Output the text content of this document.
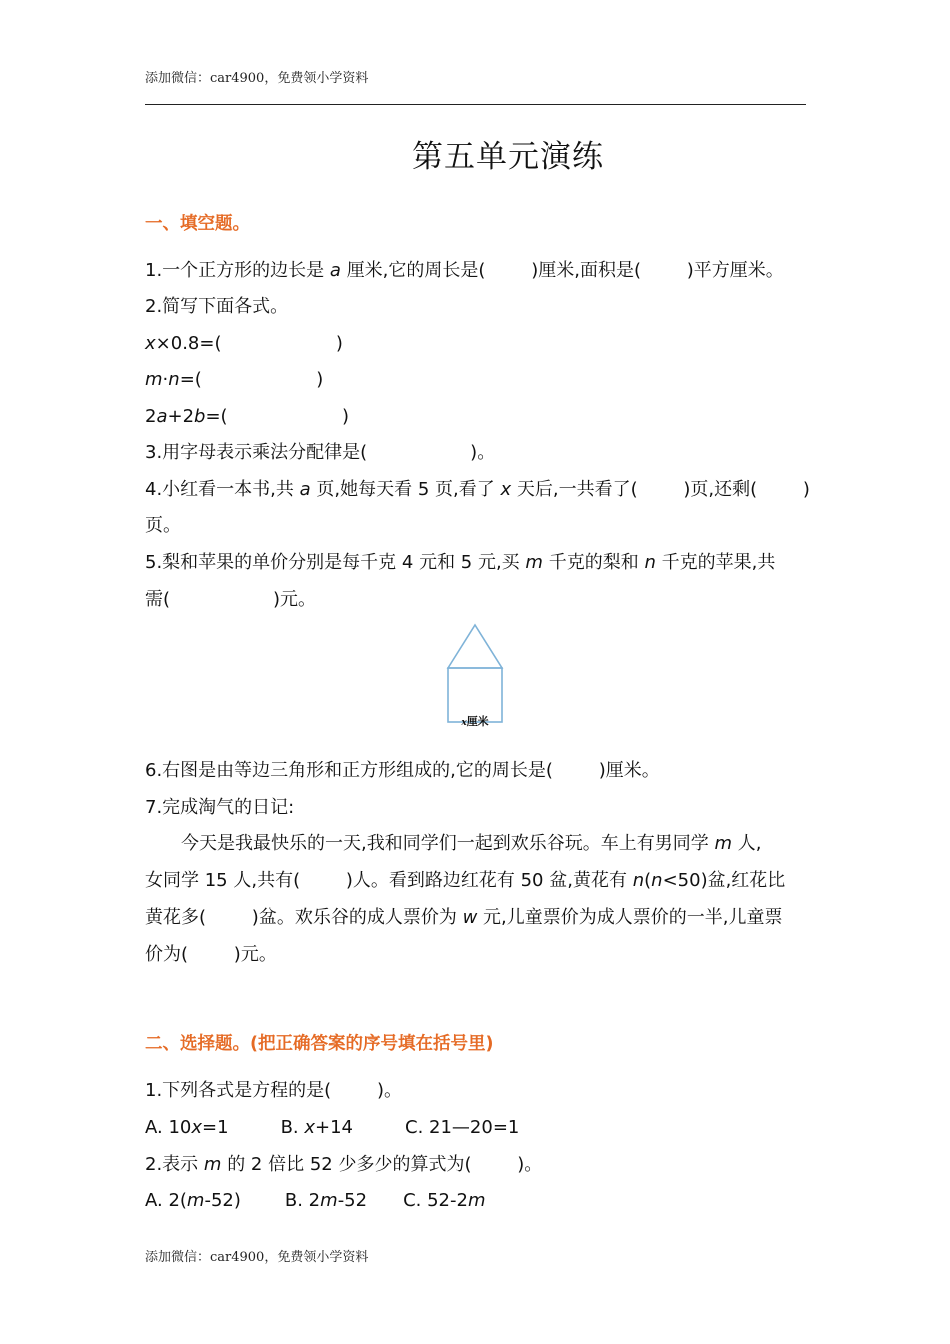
添加微信：car4900，免费领小学资料
第五单元演练
一、填空题。
1.一个正方形的边长是 a 厘米,它的周长是(        )厘米,面积是(        )平方厘米。
2.简写下面各式。
x×0.8=(                    )
m·n=(                    )
2a+2b=(                    )
3.用字母表示乘法分配律是(                  )。
4.小红看一本书,共 a 页,她每天看 5 页,看了 x 天后,一共看了(        )页,还剩(        )
页。
5.梨和苹果的单价分别是每千克 4 元和 5 元,买 m 千克的梨和 n 千克的苹果,共
需(                  )元。
x厘米
6.右图是由等边三角形和正方形组成的,它的周长是(        )厘米。
7.完成淘气的日记:
今天是我最快乐的一天,我和同学们一起到欢乐谷玩。车上有男同学 m 人,
女同学 15 人,共有(        )人。看到路边红花有 50 盆,黄花有 n(n<50)盆,红花比
黄花多(        )盆。欢乐谷的成人票价为 w 元,儿童票价为成人票价的一半,儿童票
价为(        )元。
二、选择题。(把正确答案的序号填在括号里)
1.下列各式是方程的是(        )。
A. 10x=1	B. x+14	C. 21—20=1
2.表示 m 的 2 倍比 52 少多少的算式为(        )。
A. 2(m-52) B. 2m-52 C. 52-2m
添加微信：car4900，免费领小学资料
